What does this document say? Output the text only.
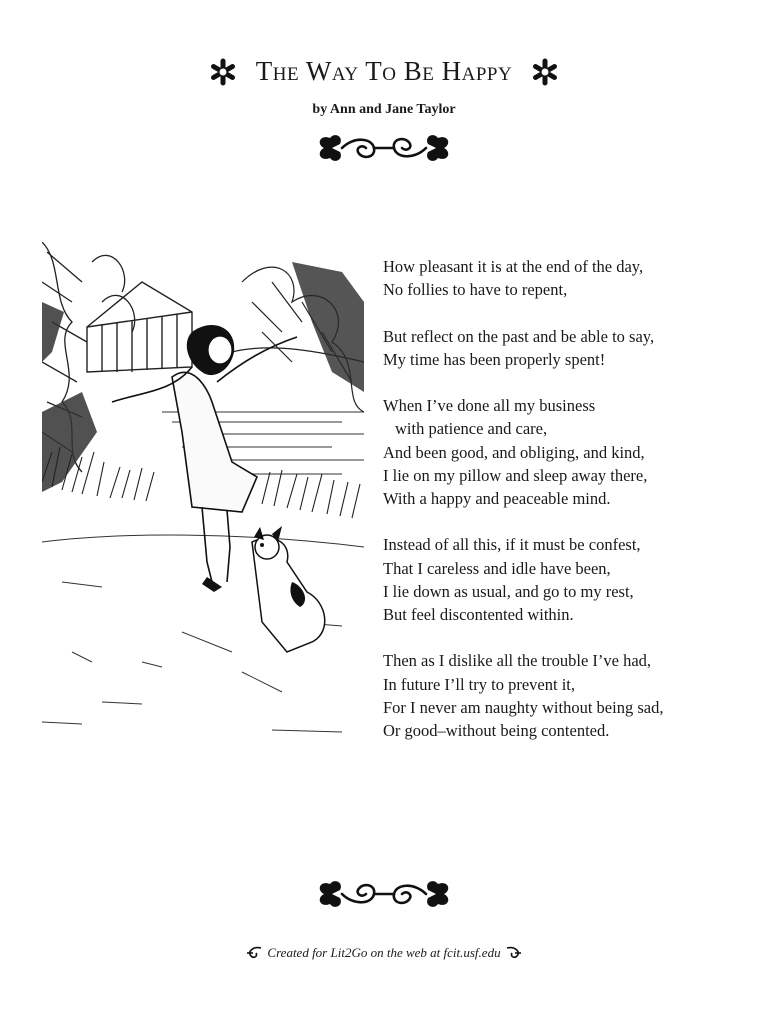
The Way To Be Happy
by Ann and Jane Taylor
How pleasant it is at the end of the day,
No follies to have to repent,
But reflect on the past and be able to say,
My time has been properly spent!
When I’ve done all my business
with patience and care,
And been good, and obliging, and kind,
I lie on my pillow and sleep away there,
With a happy and peaceable mind.
Instead of all this, if it must be confest,
That I careless and idle have been,
I lie down as usual, and go to my rest,
But feel discontented within.
Then as I dislike all the trouble I’ve had,
In future I’ll try to prevent it,
For I never am naughty without being sad,
Or good–without being contented.
Created for Lit2Go on the web at fcit.usf.edu
